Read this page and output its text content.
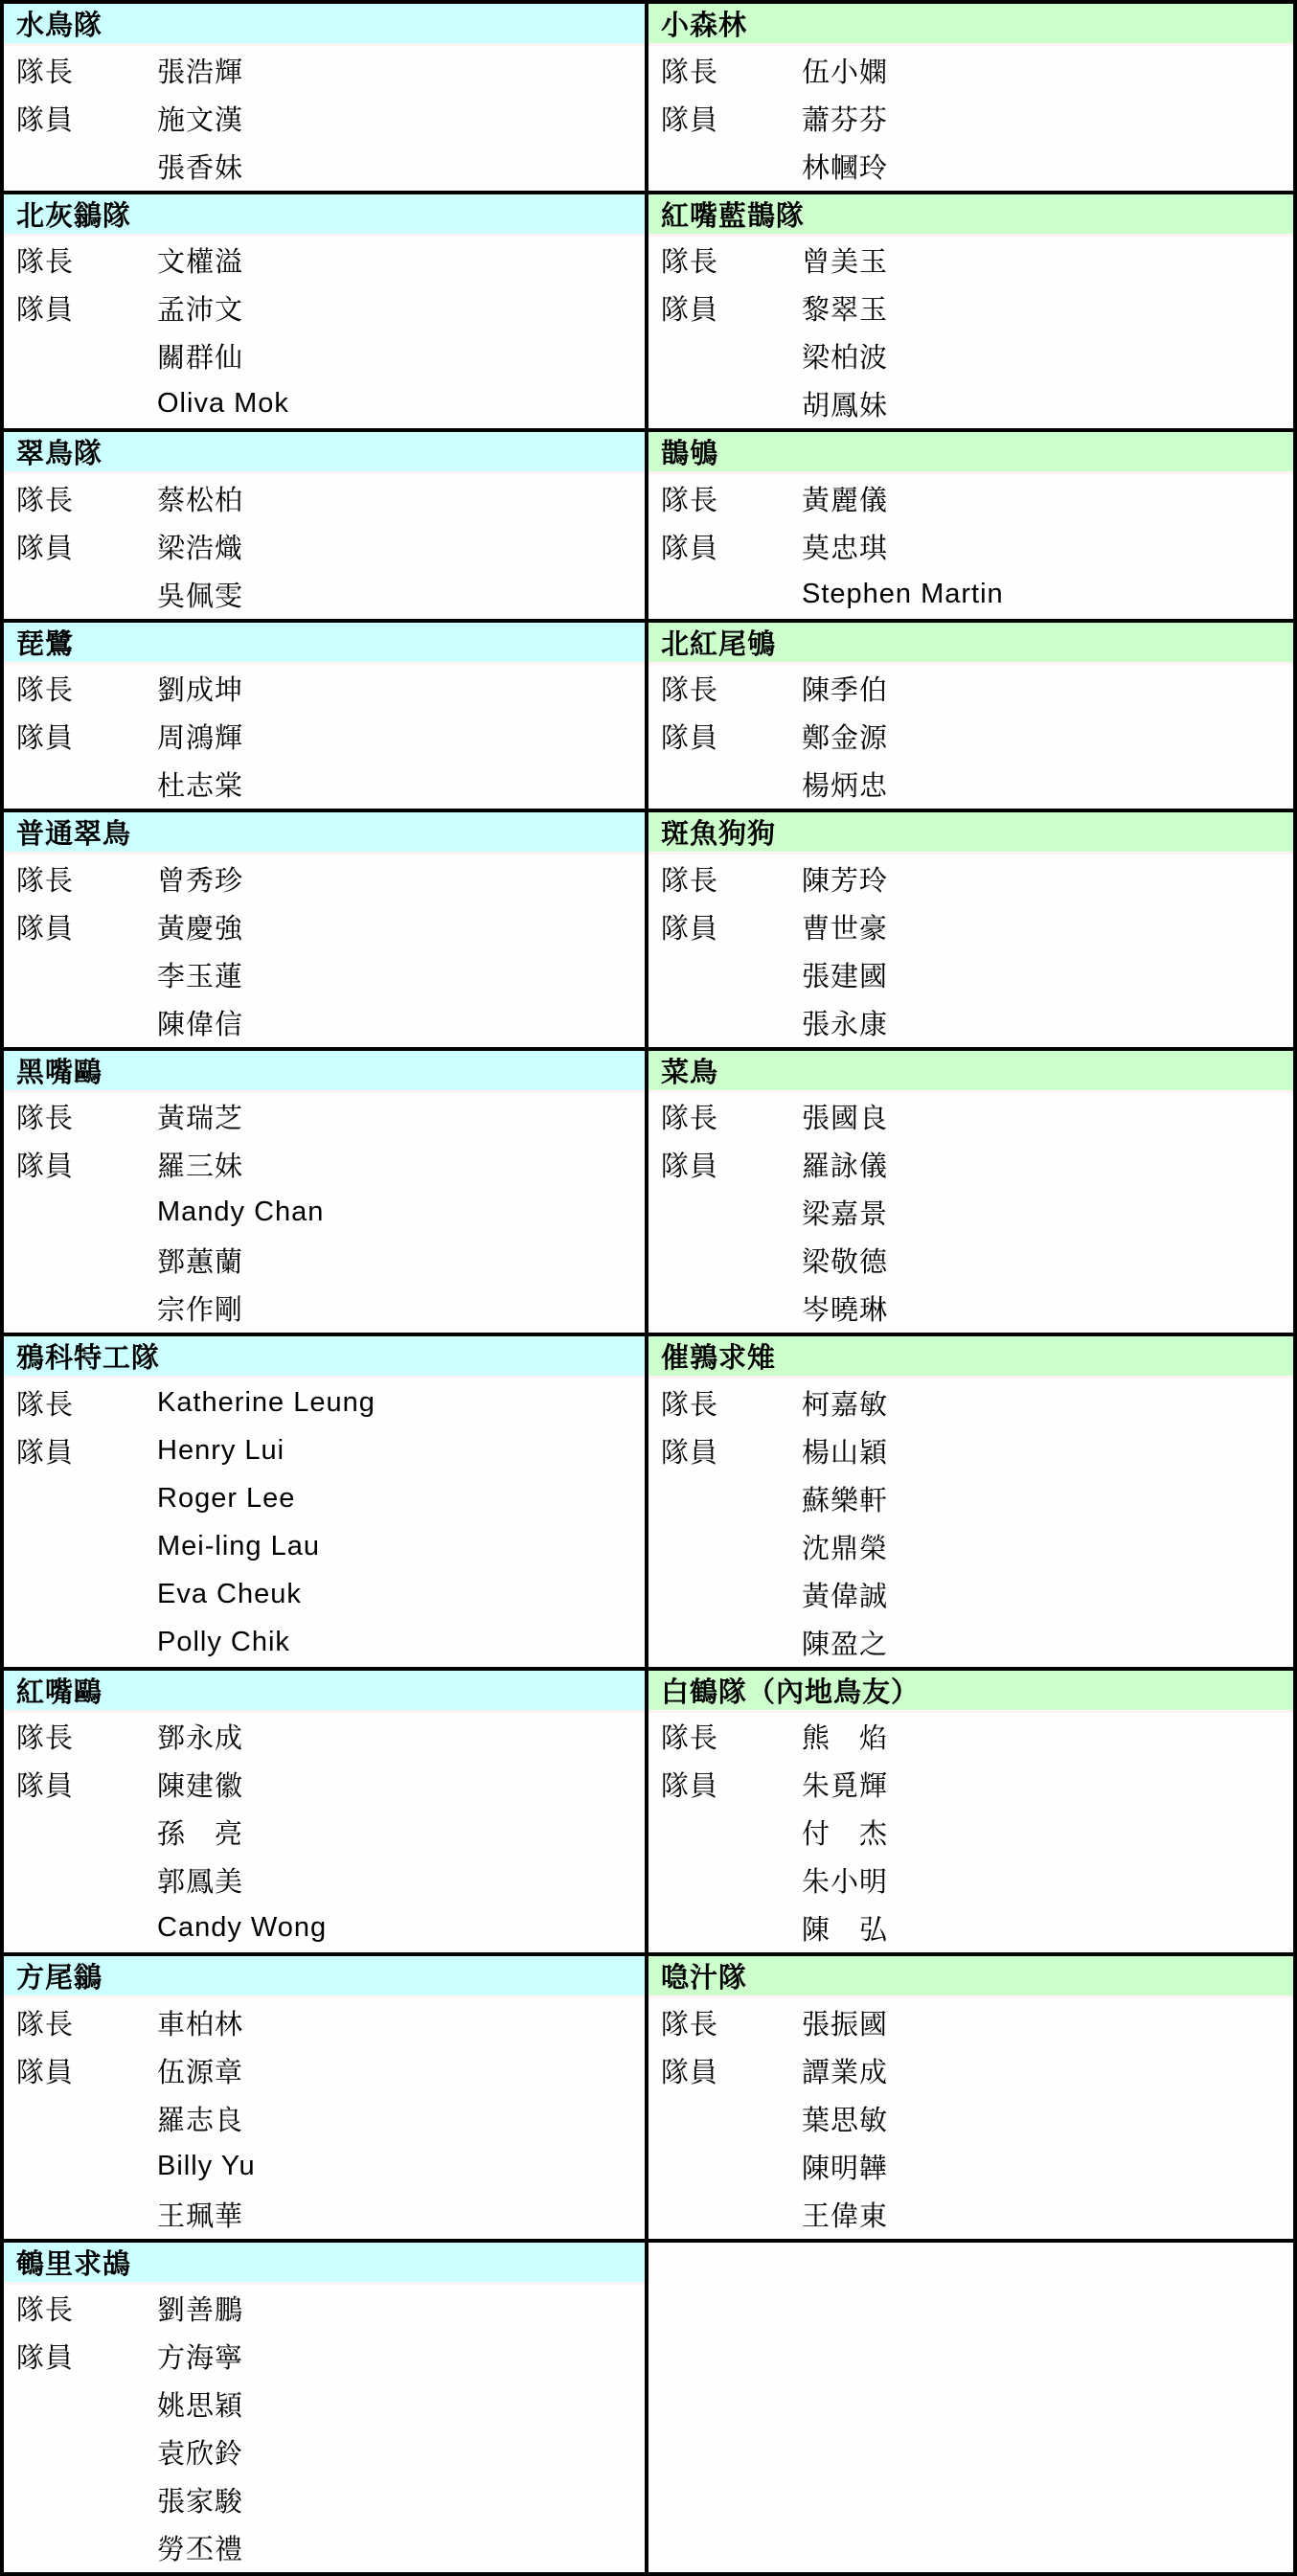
水鳥隊
隊長	張浩輝
隊員	施文漢
張香妹
小森林
隊長	伍小嫻
隊員	蕭芬芬
林幗玲
北灰鶲隊
隊長	文權溢
隊員	孟沛文
關群仙
Oliva Mok
紅嘴藍鵲隊
隊長	曾美玉
隊員	黎翠玉
梁柏波
胡鳳妹
翠鳥隊
隊長	蔡松柏
隊員	梁浩熾
吳佩雯
鵲鴝
隊長	黃麗儀
隊員	莫忠琪
Stephen Martin
琵鷺
隊長	劉成坤
隊員	周鴻輝
杜志棠
北紅尾鴝
隊長	陳季伯
隊員	鄭金源
楊炳忠
普通翠鳥
隊長	曾秀珍
隊員	黃慶強
李玉蓮
陳偉信
斑魚狗狗
隊長	陳芳玲
隊員	曹世豪
張建國
張永康
黑嘴鷗
隊長	黃瑞芝
隊員	羅三妹
Mandy Chan
鄧蕙蘭
宗作剛
菜鳥
隊長	張國良
隊員	羅詠儀
梁嘉景
梁敬德
岑曉琳
鴉科特工隊
隊長	Katherine Leung
隊員	Henry Lui
Roger Lee
Mei-ling Lau
Eva Cheuk
Polly Chik
催鶉求雉
隊長	柯嘉敏
隊員	楊山穎
蘇樂軒
沈鼎榮
黃偉誠
陳盈之
紅嘴鷗
隊長	鄧永成
隊員	陳建徽
孫　亮
郭鳳美
Candy Wong
白鶴隊（內地鳥友）
隊長	熊　焰
隊員	朱覓輝
付　杰
朱小明
陳　弘
方尾鶲
隊長	車柏林
隊員	伍源章
羅志良
Billy Yu
王珮華
喼汁隊
隊長	張振國
隊員	譚業成
葉思敏
陳明韡
王偉東
鵪里求鴣
隊長	劉善鵬
隊員	方海寧
姚思穎
袁欣鈴
張家駿
勞丕禮
